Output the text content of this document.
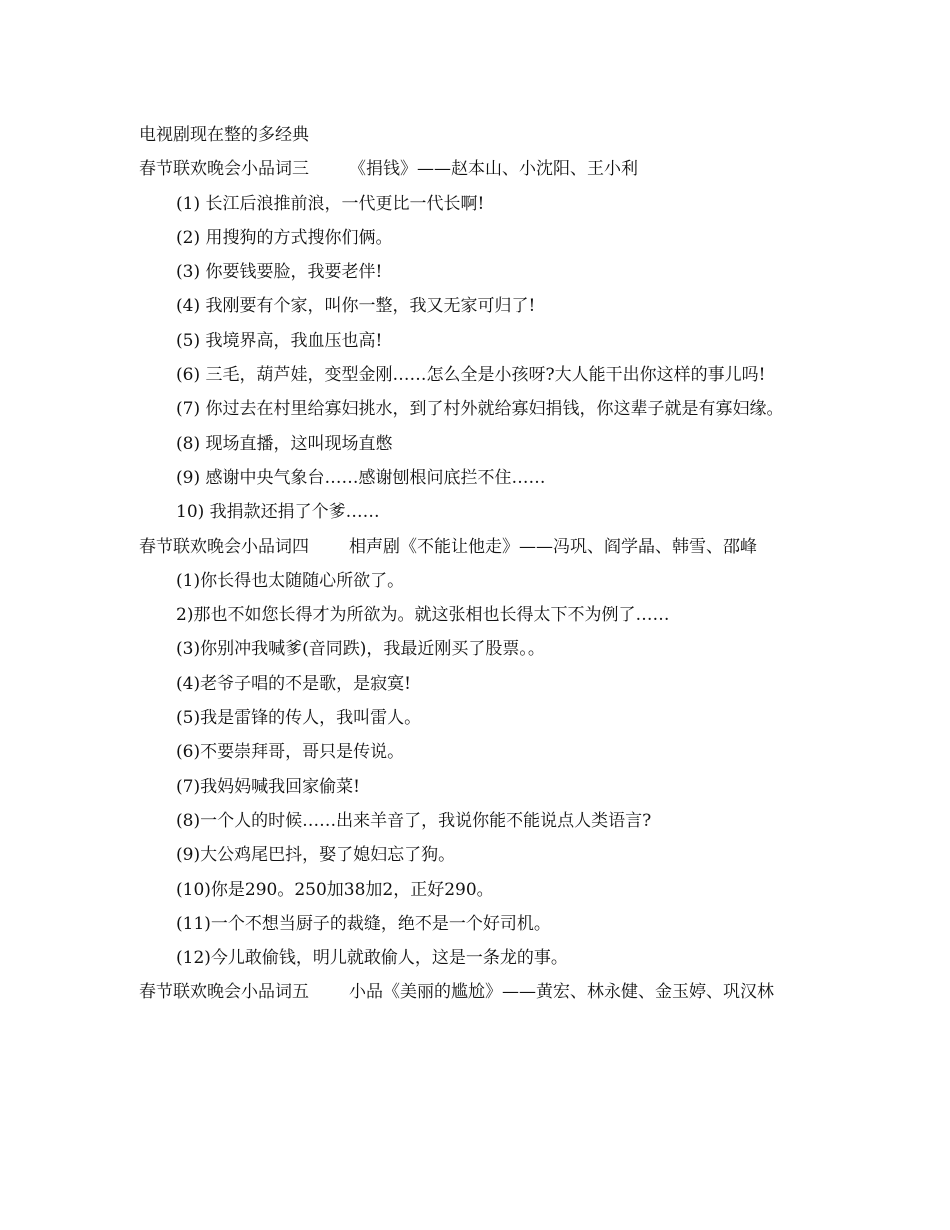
电视剧现在整的多经典
春节联欢晚会小品词三 《捐钱》——赵本山、小沈阳、王小利
(1) 长江后浪推前浪，一代更比一代长啊!
(2) 用搜狗的方式搜你们俩。
(3) 你要钱要脸，我要老伴!
(4) 我刚要有个家，叫你一整，我又无家可归了!
(5) 我境界高，我血压也高!
(6) 三毛，葫芦娃，变型金刚……怎么全是小孩呀?大人能干出你这样的事儿吗!
(7) 你过去在村里给寡妇挑水，到了村外就给寡妇捐钱，你这辈子就是有寡妇缘。
(8) 现场直播，这叫现场直憋
(9) 感谢中央气象台……感谢刨根问底拦不住……
10) 我捐款还捐了个爹……
春节联欢晚会小品词四 相声剧《不能让他走》——冯巩、阎学晶、韩雪、邵峰
(1)你长得也太随随心所欲了。
2)那也不如您长得才为所欲为。就这张相也长得太下不为例了……
(3)你别冲我喊爹(音同跌)，我最近刚买了股票。。
(4)老爷子唱的不是歌，是寂寞!
(5)我是雷锋的传人，我叫雷人。
(6)不要崇拜哥，哥只是传说。
(7)我妈妈喊我回家偷菜!
(8)一个人的时候……出来羊音了，我说你能不能说点人类语言?
(9)大公鸡尾巴抖，娶了媳妇忘了狗。
(10)你是290。250加38加2，正好290。
(11)一个不想当厨子的裁缝，绝不是一个好司机。
(12)今儿敢偷钱，明儿就敢偷人，这是一条龙的事。
春节联欢晚会小品词五 小品《美丽的尴尬》——黄宏、林永健、金玉婷、巩汉林
